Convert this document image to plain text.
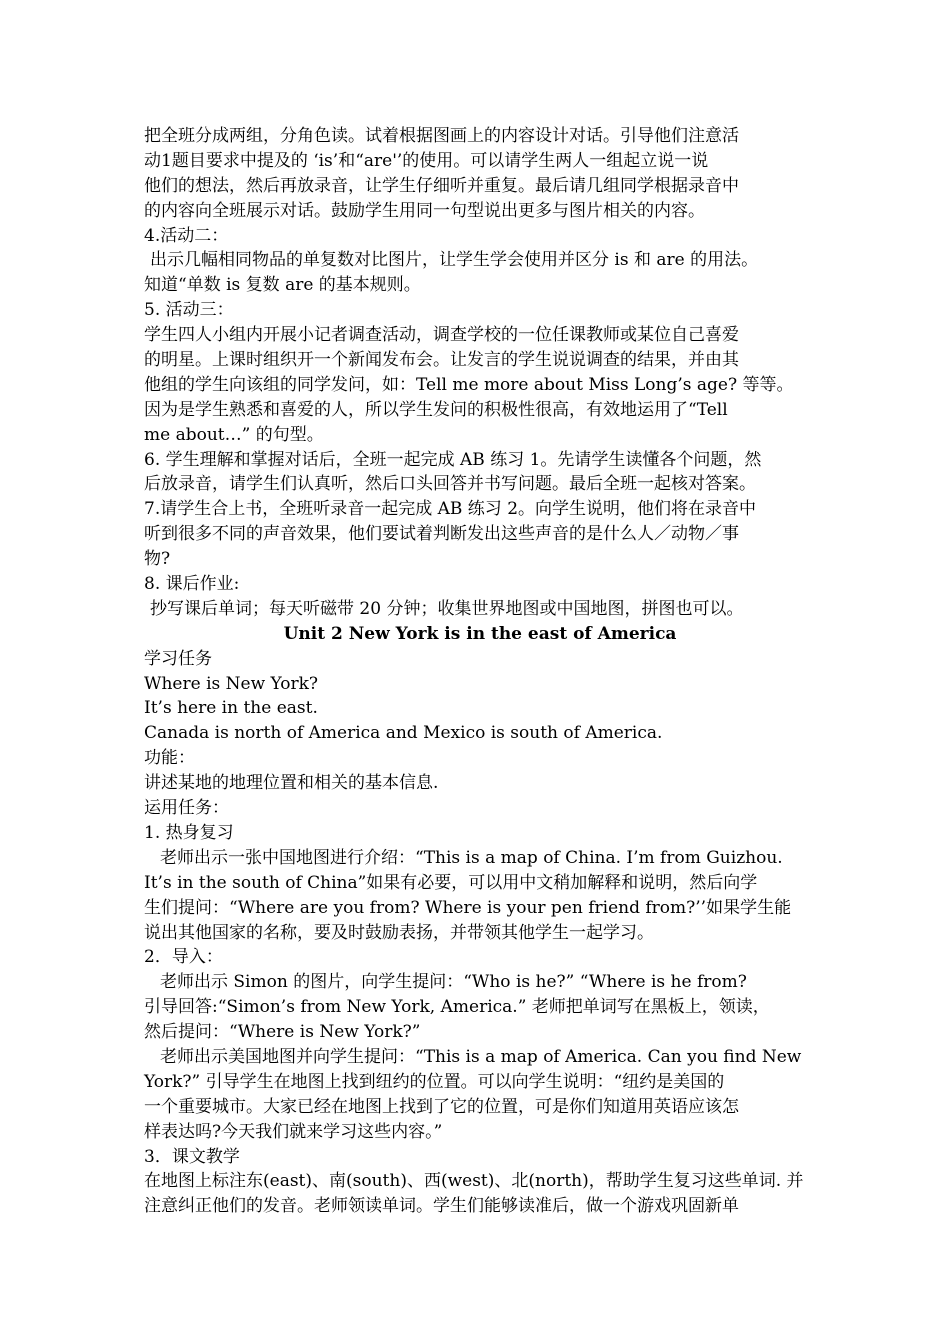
把全班分成两组，分角色读。试着根据图画上的内容设计对话。引导他们注意活
动1题目要求中提及的 ‘is’和“are'’的使用。可以请学生两人一组起立说一说
他们的想法，然后再放录音，让学生仔细听并重复。最后请几组同学根据录音中
的内容向全班展示对话。鼓励学生用同一句型说出更多与图片相关的内容。
4.活动二：
出示几幅相同物品的单复数对比图片，让学生学会使用并区分 is 和 are 的用法。
知道“单数 is 复数 are 的基本规则。
5. 活动三：
学生四人小组内开展小记者调查活动，调查学校的一位任课教师或某位自己喜爱
的明星。上课时组织开一个新闻发布会。让发言的学生说说调查的结果，并由其
他组的学生向该组的同学发问，如：Tell me more about Miss Long’s age? 等等。
因为是学生熟悉和喜爱的人，所以学生发问的积极性很高，有效地运用了“Tell
me about…” 的句型。
6. 学生理解和掌握对话后，全班一起完成 AB 练习 1。先请学生读懂各个问题，然
后放录音，请学生们认真听，然后口头回答并书写问题。最后全班一起核对答案。
7.请学生合上书，全班听录音一起完成 AB 练习 2。向学生说明，他们将在录音中
听到很多不同的声音效果，他们要试着判断发出这些声音的是什么人／动物／事
物?
8. 课后作业:
抄写课后单词；每天听磁带 20 分钟；收集世界地图或中国地图，拼图也可以。
Unit 2 New York is in the east of America
学习任务
Where is New York?
It’s here in the east.
Canada is north of America and Mexico is south of America.
功能：
讲述某地的地理位置和相关的基本信息.
运用任务：
1. 热身复习
老师出示一张中国地图进行介绍：“This is a map of China. I’m from Guizhou.
It’s in the south of China”如果有必要，可以用中文稍加解释和说明，然后向学
生们提问：“Where are you from? Where is your pen friend from?’’如果学生能
说出其他国家的名称，要及时鼓励表扬，并带领其他学生一起学习。
2．导入：
老师出示 Simon 的图片，向学生提问：“Who is he?” “Where is he from?
引导回答:“Simon’s from New York, America.” 老师把单词写在黑板上，领读，
然后提问：“Where is New York?”
老师出示美国地图并向学生提问：“This is a map of America. Can you find New
York?” 引导学生在地图上找到纽约的位置。可以向学生说明：“纽约是美国的
一个重要城市。大家已经在地图上找到了它的位置，可是你们知道用英语应该怎
样表达吗?今天我们就来学习这些内容。”
3．课文教学
在地图上标注东(east)、南(south)、西(west)、北(north)，帮助学生复习这些单词. 并
注意纠正他们的发音。老师领读单词。学生们能够读准后，做一个游戏巩固新单
